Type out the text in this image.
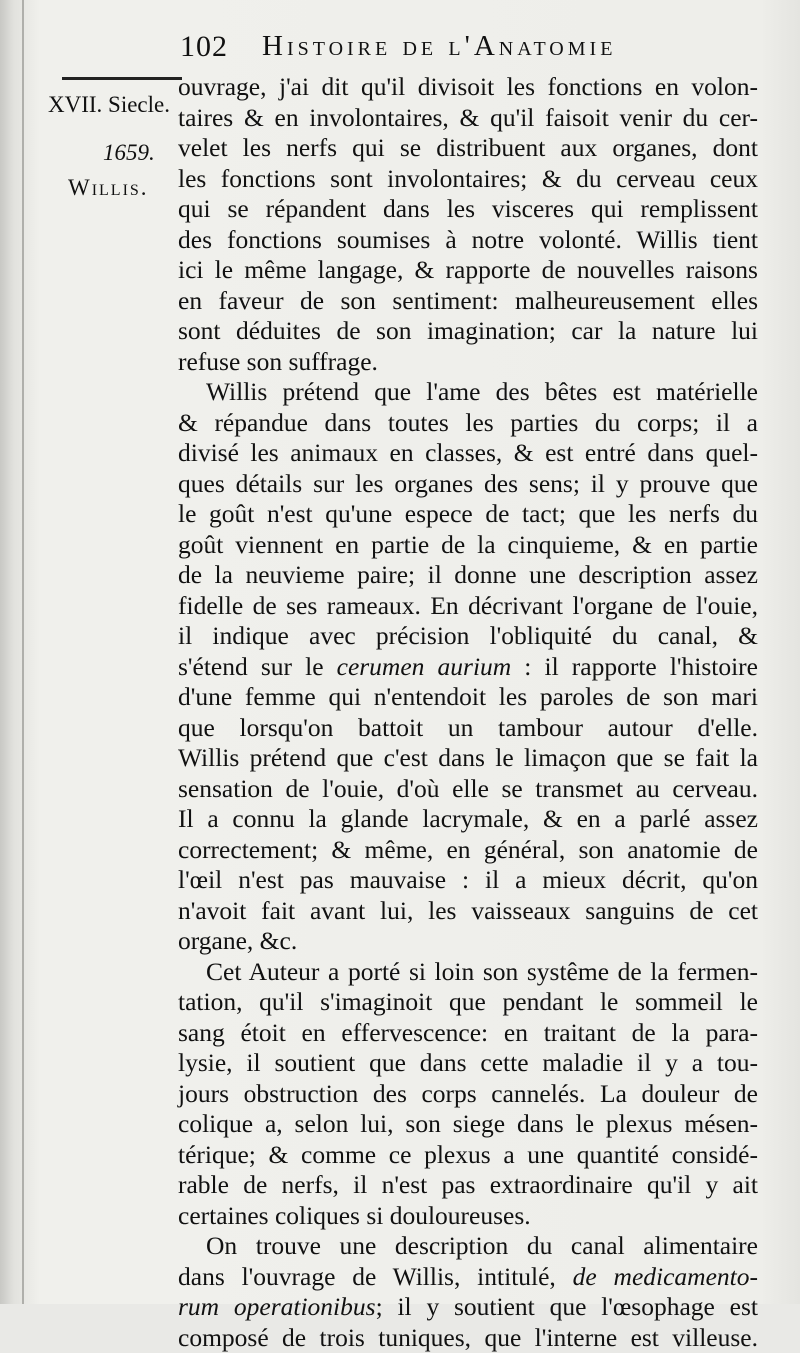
102 Histoire de l'Anatomie
XVII. Siecle.
1659.
Willis.
ouvrage, j'ai dit qu'il divisoit les fonctions en volon-
taires & en involontaires, & qu'il faisoit venir du cer-
velet les nerfs qui se distribuent aux organes, dont
les fonctions sont involontaires; & du cerveau ceux
qui se répandent dans les visceres qui remplissent
des fonctions soumises à notre volonté. Willis tient
ici le même langage, & rapporte de nouvelles raisons
en faveur de son sentiment: malheureusement elles
sont déduites de son imagination; car la nature lui
refuse son suffrage.
Willis prétend que l'ame des bêtes est matérielle
& répandue dans toutes les parties du corps; il a
divisé les animaux en classes, & est entré dans quel-
ques détails sur les organes des sens; il y prouve que
le goût n'est qu'une espece de tact; que les nerfs du
goût viennent en partie de la cinquieme, & en partie
de la neuvieme paire; il donne une description assez
fidelle de ses rameaux. En décrivant l'organe de l'ouie,
il indique avec précision l'obliquité du canal, &
s'étend sur le cerumen aurium : il rapporte l'histoire
d'une femme qui n'entendoit les paroles de son mari
que lorsqu'on battoit un tambour autour d'elle.
Willis prétend que c'est dans le limaçon que se fait la
sensation de l'ouie, d'où elle se transmet au cerveau.
Il a connu la glande lacrymale, & en a parlé assez
correctement; & même, en général, son anatomie de
l'œil n'est pas mauvaise : il a mieux décrit, qu'on
n'avoit fait avant lui, les vaisseaux sanguins de cet
organe, &c.
Cet Auteur a porté si loin son systême de la fermen-
tation, qu'il s'imaginoit que pendant le sommeil le
sang étoit en effervescence: en traitant de la para-
lysie, il soutient que dans cette maladie il y a tou-
jours obstruction des corps cannelés. La douleur de
colique a, selon lui, son siege dans le plexus mésen-
térique; & comme ce plexus a une quantité considé-
rable de nerfs, il n'est pas extraordinaire qu'il y ait
certaines coliques si douloureuses.
On trouve une description du canal alimentaire
dans l'ouvrage de Willis, intitulé, de medicamento-
rum operationibus; il y soutient que l'œsophage est
composé de trois tuniques, que l'interne est villeuse.
